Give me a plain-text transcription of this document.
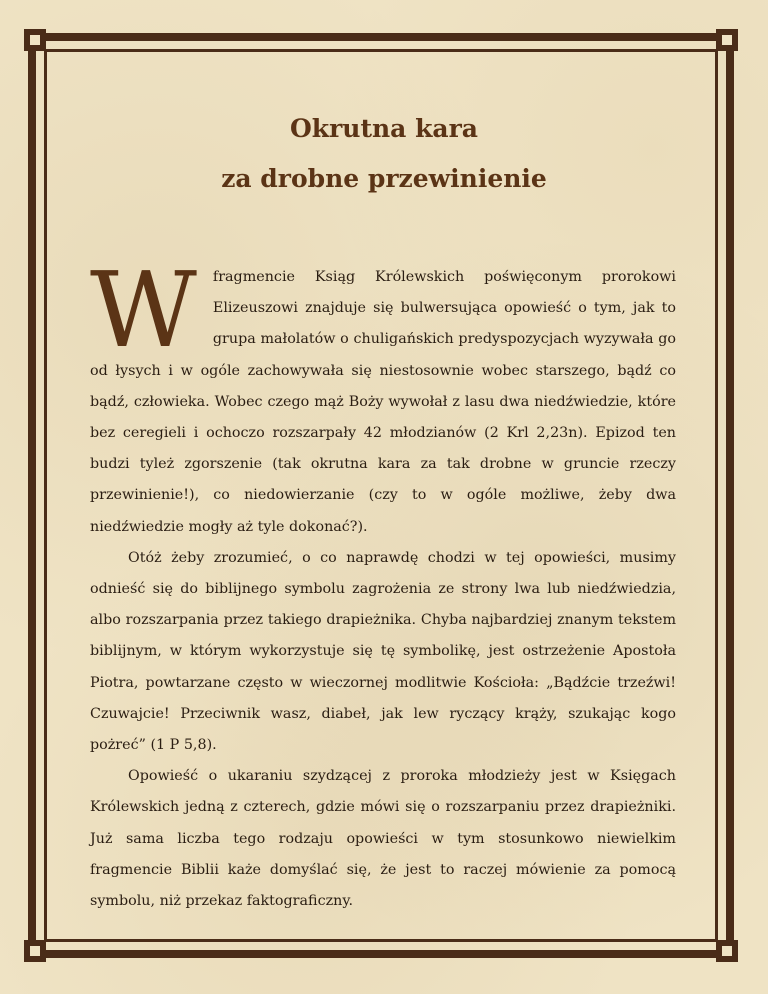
Okrutna kara
za drobne przewinienie

W fragmencie Ksiąg Królewskich poświęconym prorokowi Elizeuszowi znajduje się bulwersująca opowieść o tym, jak to grupa małolatów o chuligańskich predyspozycjach wyzywała go od łysych i w ogóle zachowywała się niestosownie wobec starszego, bądź co bądź, człowieka. Wobec czego mąż Boży wywołał z lasu dwa niedźwiedzie, które bez ceregieli i ochoczo rozszarpały 42 młodzianów (2 Krl 2,23n). Epizod ten budzi tyleż zgorszenie (tak okrutna kara za tak drobne w gruncie rzeczy przewinienie!), co niedowierzanie (czy to w ogóle możliwe, żeby dwa niedźwiedzie mogły aż tyle dokonać?).

Otóż żeby zrozumieć, o co naprawdę chodzi w tej opowieści, musimy odnieść się do biblijnego symbolu zagrożenia ze strony lwa lub niedźwiedzia, albo rozszarpania przez takiego drapieżnika. Chyba najbardziej znanym tekstem biblijnym, w którym wykorzystuje się tę symbolikę, jest ostrzeżenie Apostoła Piotra, powtarzane często w wieczornej modlitwie Kościoła: „Bądźcie trzeźwi! Czuwajcie! Przeciwnik wasz, diabeł, jak lew ryczący krąży, szukając kogo pożreć” (1 P 5,8).

Opowieść o ukaraniu szydzącej z proroka młodzieży jest w Księgach Królewskich jedną z czterech, gdzie mówi się o rozszarpaniu przez drapieżniki. Już sama liczba tego rodzaju opowieści w tym stosunkowo niewielkim fragmencie Biblii każe domyślać się, że jest to raczej mówienie za pomocą symbolu, niż przekaz faktograficzny.
